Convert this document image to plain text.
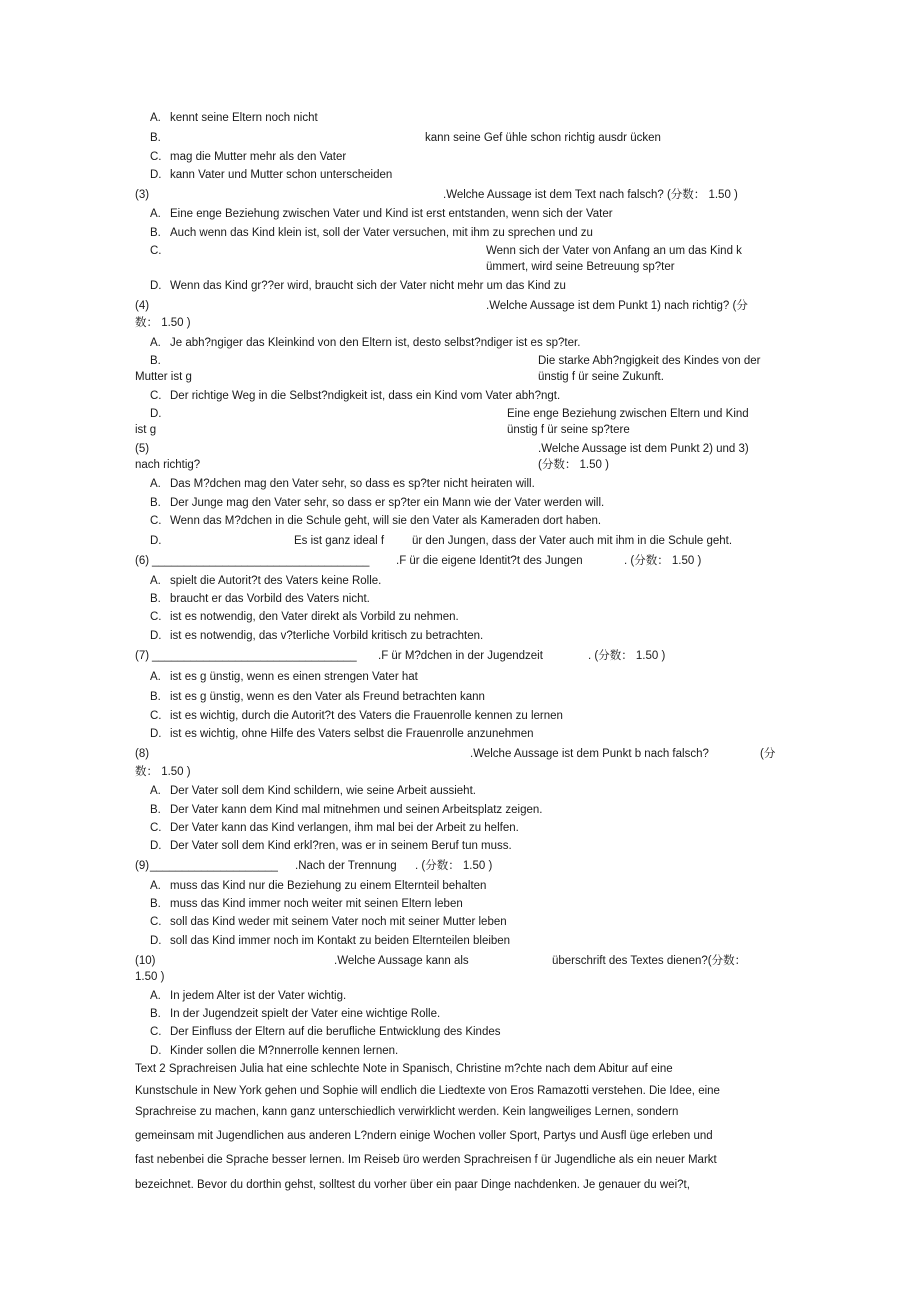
A. kennt seine Eltern noch nicht
B.	kann seine Gef ühle schon richtig ausdr ücken
C. mag die Mutter mehr als den Vater
D. kann Vater und Mutter schon unterscheiden
(3)	.Welche Aussage ist dem Text nach falsch? (分数： 1.50 )
A. Eine enge Beziehung zwischen Vater und Kind ist erst entstanden, wenn sich der Vater
B. Auch wenn das Kind klein ist, soll der Vater versuchen, mit ihm zu sprechen und zu
C.	Wenn sich der Vater von Anfang an um das Kind k
ümmert, wird seine Betreuung sp?ter
D. Wenn das Kind gr??er wird, braucht sich der Vater nicht mehr um das Kind zu
(4)	.Welche Aussage ist dem Punkt 1) nach richtig? (分
数： 1.50 )
A. Je abh?ngiger das Kleinkind von den Eltern ist, desto selbst?ndiger ist es sp?ter.
B.	Die starke Abh?ngigkeit des Kindes von der
Mutter ist g	ünstig f ür seine Zukunft.
C. Der richtige Weg in die Selbst?ndigkeit ist, dass ein Kind vom Vater abh?ngt.
D.	Eine enge Beziehung zwischen Eltern und Kind
ist g	ünstig f ür seine sp?tere
(5)	.Welche Aussage ist dem Punkt 2) und 3)
nach richtig?	(分数： 1.50 )
A. Das M?dchen mag den Vater sehr, so dass es sp?ter nicht heiraten will.
B. Der Junge mag den Vater sehr, so dass er sp?ter ein Mann wie der Vater werden will.
C. Wenn das M?dchen in die Schule geht, will sie den Vater als Kameraden dort haben.
D.	Es ist ganz ideal f ür den Jungen, dass der Vater auch mit ihm in die Schule geht.
(6) __________________________________ .F ür die eigene Identit?t des Jungen	. (分数： 1.50 )
A. spielt die Autorit?t des Vaters keine Rolle.
B. braucht er das Vorbild des Vaters nicht.
C. ist es notwendig, den Vater direkt als Vorbild zu nehmen.
D. ist es notwendig, das v?terliche Vorbild kritisch zu betrachten.
(7) ________________________________ .F ür M?dchen in der Jugendzeit	. (分数： 1.50 )
A. ist es g ünstig, wenn es einen strengen Vater hat
B. ist es g ünstig, wenn es den Vater als Freund betrachten kann
C. ist es wichtig, durch die Autorit?t des Vaters die Frauenrolle kennen zu lernen
D. ist es wichtig, ohne Hilfe des Vaters selbst die Frauenrolle anzunehmen
(8)	.Welche Aussage ist dem Punkt b nach falsch?	(分
数： 1.50 )
A. Der Vater soll dem Kind schildern, wie seine Arbeit aussieht.
B. Der Vater kann dem Kind mal mitnehmen und seinen Arbeitsplatz zeigen.
C. Der Vater kann das Kind verlangen, ihm mal bei der Arbeit zu helfen.
D. Der Vater soll dem Kind erkl?ren, was er in seinem Beruf tun muss.
(9) ____________________ .Nach der Trennung . (分数： 1.50 )
A. muss das Kind nur die Beziehung zu einem Elternteil behalten
B. muss das Kind immer noch weiter mit seinen Eltern leben
C. soll das Kind weder mit seinem Vater noch mit seiner Mutter leben
D. soll das Kind immer noch im Kontakt zu beiden Elternteilen bleiben
(10)	.Welche Aussage kann als	überschrift des Textes dienen?(分数：
1.50 )
A. In jedem Alter ist der Vater wichtig.
B. In der Jugendzeit spielt der Vater eine wichtige Rolle.
C. Der Einfluss der Eltern auf die berufliche Entwicklung des Kindes
D. Kinder sollen die M?nnerrolle kennen lernen.
Text 2 Sprachreisen Julia hat eine schlechte Note in Spanisch, Christine m?chte nach dem Abitur auf eine
Kunstschule in New York gehen und Sophie will endlich die Liedtexte von Eros Ramazotti verstehen. Die Idee, eine
Sprachreise zu machen, kann ganz unterschiedlich verwirklicht werden. Kein langweiliges Lernen, sondern
gemeinsam mit Jugendlichen aus anderen L?ndern einige Wochen voller Sport, Partys und Ausfl üge erleben und
fast nebenbei die Sprache besser lernen. Im Reiseb üro werden Sprachreisen f ür Jugendliche als ein neuer Markt
bezeichnet. Bevor du dorthin gehst, solltest du vorher über ein paar Dinge nachdenken. Je genauer du wei?t,
